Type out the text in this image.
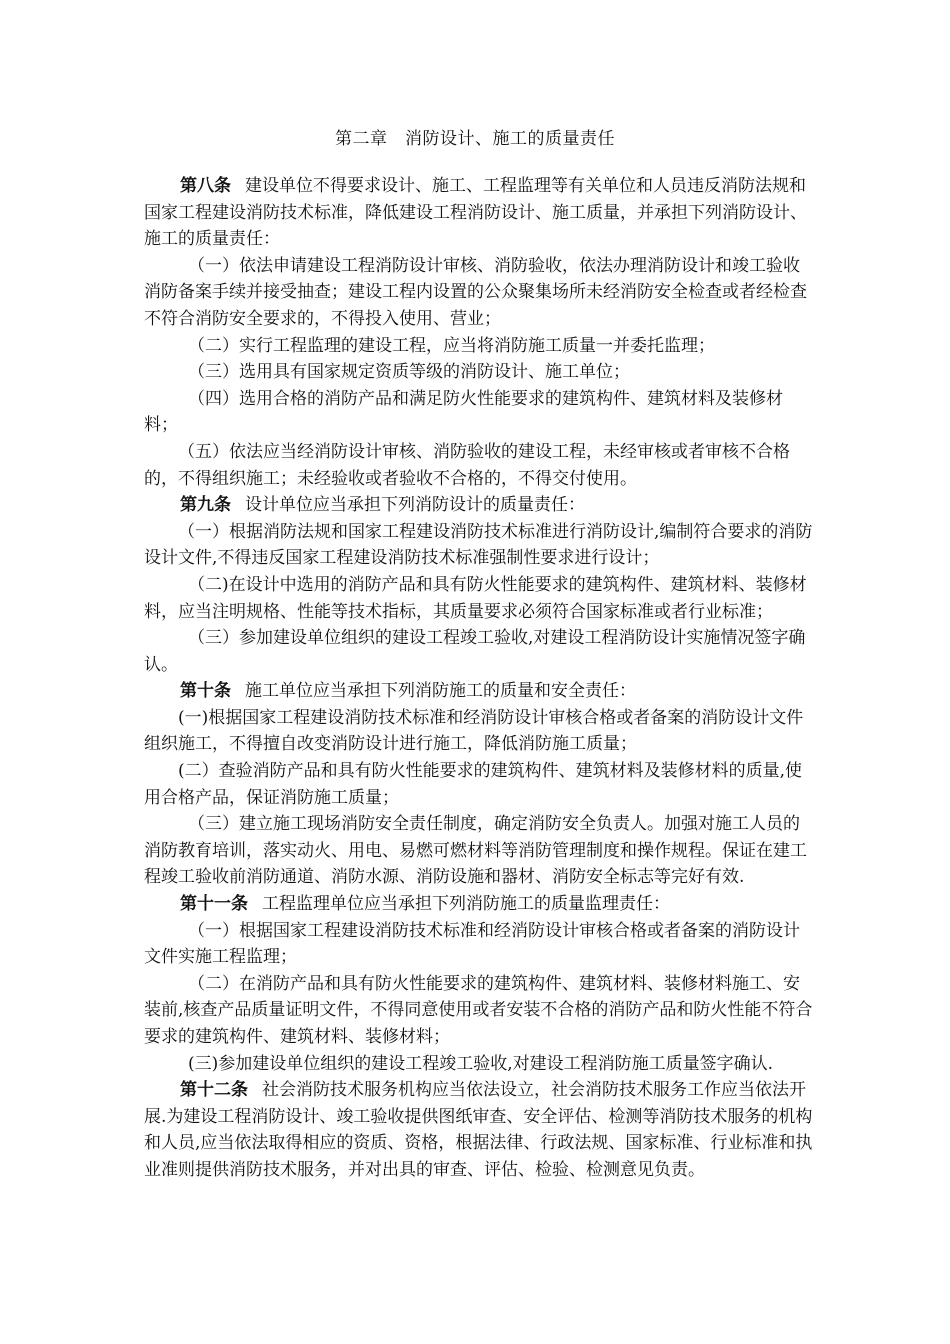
第二章　消防设计、施工的质量责任

第八条 建设单位不得要求设计、施工、工程监理等有关单位和人员违反消防法规和国家工程建设消防技术标准，降低建设工程消防设计、施工质量，并承担下列消防设计、施工的质量责任：

（一）依法申请建设工程消防设计审核、消防验收，依法办理消防设计和竣工验收消防备案手续并接受抽查；建设工程内设置的公众聚集场所未经消防安全检查或者经检查不符合消防安全要求的，不得投入使用、营业；

（二）实行工程监理的建设工程，应当将消防施工质量一并委托监理；

（三）选用具有国家规定资质等级的消防设计、施工单位；

（四）选用合格的消防产品和满足防火性能要求的建筑构件、建筑材料及装修材料；

（五）依法应当经消防设计审核、消防验收的建设工程，未经审核或者审核不合格的，不得组织施工；未经验收或者验收不合格的，不得交付使用。

第九条 设计单位应当承担下列消防设计的质量责任：

（一）根据消防法规和国家工程建设消防技术标准进行消防设计,编制符合要求的消防设计文件,不得违反国家工程建设消防技术标准强制性要求进行设计；

（二)在设计中选用的消防产品和具有防火性能要求的建筑构件、建筑材料、装修材料，应当注明规格、性能等技术指标，其质量要求必须符合国家标准或者行业标准；

（三）参加建设单位组织的建设工程竣工验收,对建设工程消防设计实施情况签字确认。

第十条 施工单位应当承担下列消防施工的质量和安全责任：

(一)根据国家工程建设消防技术标准和经消防设计审核合格或者备案的消防设计文件组织施工，不得擅自改变消防设计进行施工，降低消防施工质量；

(二）查验消防产品和具有防火性能要求的建筑构件、建筑材料及装修材料的质量,使用合格产品，保证消防施工质量；

（三）建立施工现场消防安全责任制度，确定消防安全负责人。加强对施工人员的消防教育培训，落实动火、用电、易燃可燃材料等消防管理制度和操作规程。保证在建工程竣工验收前消防通道、消防水源、消防设施和器材、消防安全标志等完好有效.

第十一条 工程监理单位应当承担下列消防施工的质量监理责任：

（一）根据国家工程建设消防技术标准和经消防设计审核合格或者备案的消防设计文件实施工程监理；

（二）在消防产品和具有防火性能要求的建筑构件、建筑材料、装修材料施工、安装前,核查产品质量证明文件，不得同意使用或者安装不合格的消防产品和防火性能不符合要求的建筑构件、建筑材料、装修材料；

(三)参加建设单位组织的建设工程竣工验收,对建设工程消防施工质量签字确认.

第十二条 社会消防技术服务机构应当依法设立，社会消防技术服务工作应当依法开展.为建设工程消防设计、竣工验收提供图纸审查、安全评估、检测等消防技术服务的机构和人员,应当依法取得相应的资质、资格，根据法律、行政法规、国家标准、行业标准和执业准则提供消防技术服务，并对出具的审查、评估、检验、检测意见负责。
